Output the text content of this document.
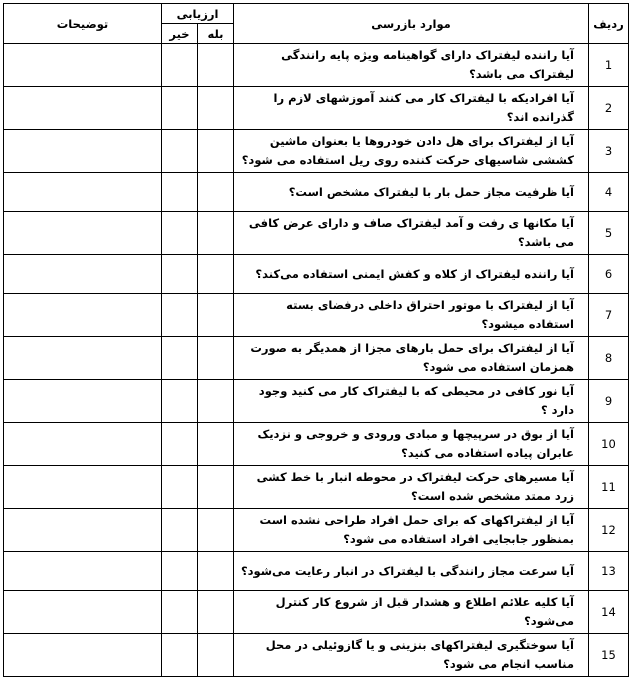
ردیف	موارد بازرسی	ارزیابی		توضیحات
		بله	خیر	
1	آیا راننده لیفتراک دارای گواهینامه ویژه پایه رانندگی لیفتراک می باشد؟			
2	آیا افرادیکه با لیفتراک کار می کنند آموزشهای لازم را گذرانده اند؟			
3	آیا از لیفتراک برای هل دادن خودروها یا بعنوان ماشین کششی شاسیهای حرکت کننده روی ریل استفاده می شود؟			
4	آیا ظرفیت مجاز حمل بار با لیفتراک مشخص است؟			
5	آیا مکانها ی رفت و آمد لیفتراک صاف و دارای عرض کافی می باشد؟			
6	آیا راننده لیفتراک از کلاه و کفش ایمنی استفاده می‌کند؟			
7	آیا از لیفتراک با موتور احتراق داخلی درفضای بسته استفاده میشود؟			
8	آیا از لیفتراک برای حمل بارهای مجزا از همدیگر به صورت همزمان استفاده می شود؟			
9	آیا نور کافی در محیطی که با لیفتراک کار می کنید وجود دارد ؟			
10	آیا از بوق در سرپیچها و مبادی ورودی و خروجی و نزدیک عابران پیاده استفاده می کنید؟			
11	آیا مسیرهای حرکت لیفتراک در محوطه انبار با خط کشی زرد ممتد مشخص شده است؟			
12	آیا از لیفتراکهای که برای حمل افراد طراحی نشده است بمنظور جابجایی افراد استفاده می شود؟			
13	آیا سرعت مجاز رانندگی با لیفتراک در انبار رعایت می‌شود؟			
14	آیا کلیه علائم اطلاع و هشدار قبل از شروع کار کنترل می‌شود؟			
15	آیا سوختگیری لیفتراکهای بنزینی و یا گازوئیلی در محل مناسب انجام می شود؟			
